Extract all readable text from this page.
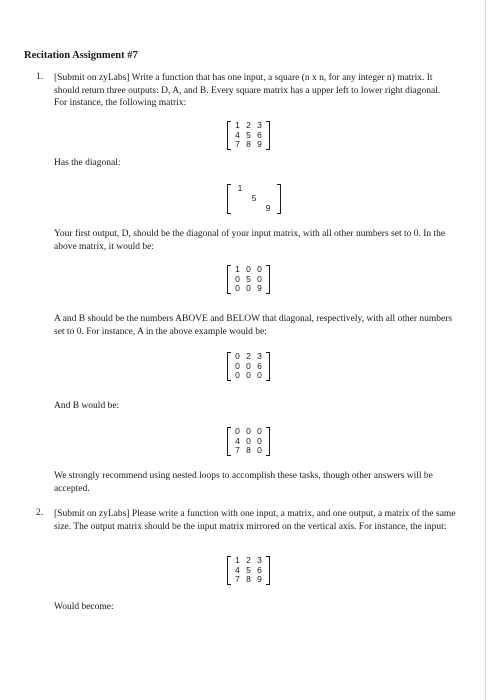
Recitation Assignment #7
1. [Submit on zyLabs] Write a function that has one input, a square (n x n, for any integer n) matrix. It should return three outputs: D, A, and B. Every square matrix has a upper left to lower right diagonal. For instance, the following matrix:

1 2 3
4 5 6
7 8 9
Has the diagonal:
1
5
9

Your first output, D, should be the diagonal of your input matrix, with all other numbers set to 0. In the above matrix, it would be:

1 0 0
0 5 0
0 0 9

A and B should be the numbers ABOVE and BELOW that diagonal, respectively, with all other numbers set to 0. For instance, A in the above example would be:

0 2 3
0 0 6
0 0 0
And B would be:
0 0 0
4 0 0
7 8 0

We strongly recommend using nested loops to accomplish these tasks, though other answers will be accepted.

2. [Submit on zyLabs] Please write a function with one input, a matrix, and one output, a matrix of the same size. The output matrix should be the input matrix mirrored on the vertical axis. For instance, the input:

1 2 3
4 5 6
7 8 9
Would become:
